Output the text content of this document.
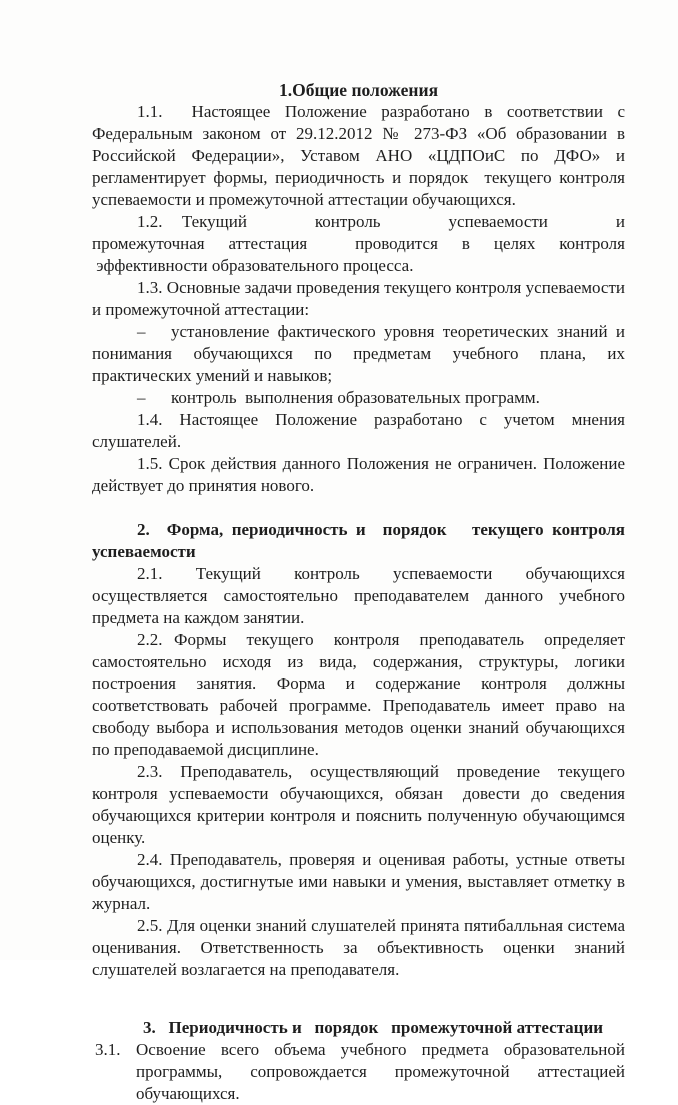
1.Общие положения

1.1.  Настоящее Положение разработано в соответствии с Федеральным законом от 29.12.2012 № 273-ФЗ «Об образовании в Российской Федерации», Уставом АНО «ЦДПОиС по ДФО» и регламентирует формы, периодичность и порядок  текущего контроля успеваемости и промежуточной аттестации обучающихся.

1.2. Текущий    контроль    успеваемости    и промежуточная аттестация  проводится в целях контроля  эффективности образовательного процесса.

1.3. Основные задачи проведения текущего контроля успеваемости и промежуточной аттестации:

–  установление фактического уровня теоретических знаний и понимания обучающихся по предметам учебного плана, их практических умений и навыков;

–  контроль  выполнения образовательных программ.

1.4. Настоящее Положение разработано с учетом мнения слушателей.

1.5. Срок действия данного Положения не ограничен. Положение действует до принятия нового.

2.  Форма, периодичность и  порядок  текущего контроля успеваемости

2.1. Текущий контроль успеваемости обучающихся осуществляется самостоятельно преподавателем данного учебного предмета на каждом занятии.

2.2. Формы  текущего  контроля  преподаватель  определяет самостоятельно исходя из вида, содержания, структуры, логики построения занятия. Форма и содержание контроля должны соответствовать рабочей программе. Преподаватель имеет право на свободу выбора и использования методов оценки знаний обучающихся по преподаваемой дисциплине.

2.3. Преподаватель, осуществляющий проведение текущего контроля успеваемости обучающихся, обязан  довести до сведения обучающихся критерии контроля и пояснить полученную обучающимся оценку.

2.4. Преподаватель, проверяя и оценивая работы, устные ответы обучающихся, достигнутые ими навыки и умения, выставляет отметку в журнал.

2.5. Для оценки знаний слушателей принята пятибалльная система оценивания. Ответственность за объективность оценки знаний слушателей возлагается на преподавателя.

3.  Периодичность и  порядок  промежуточной аттестации
3.1. Освоение всего объема учебного предмета образовательной программы, сопровождается промежуточной аттестацией обучающихся.
